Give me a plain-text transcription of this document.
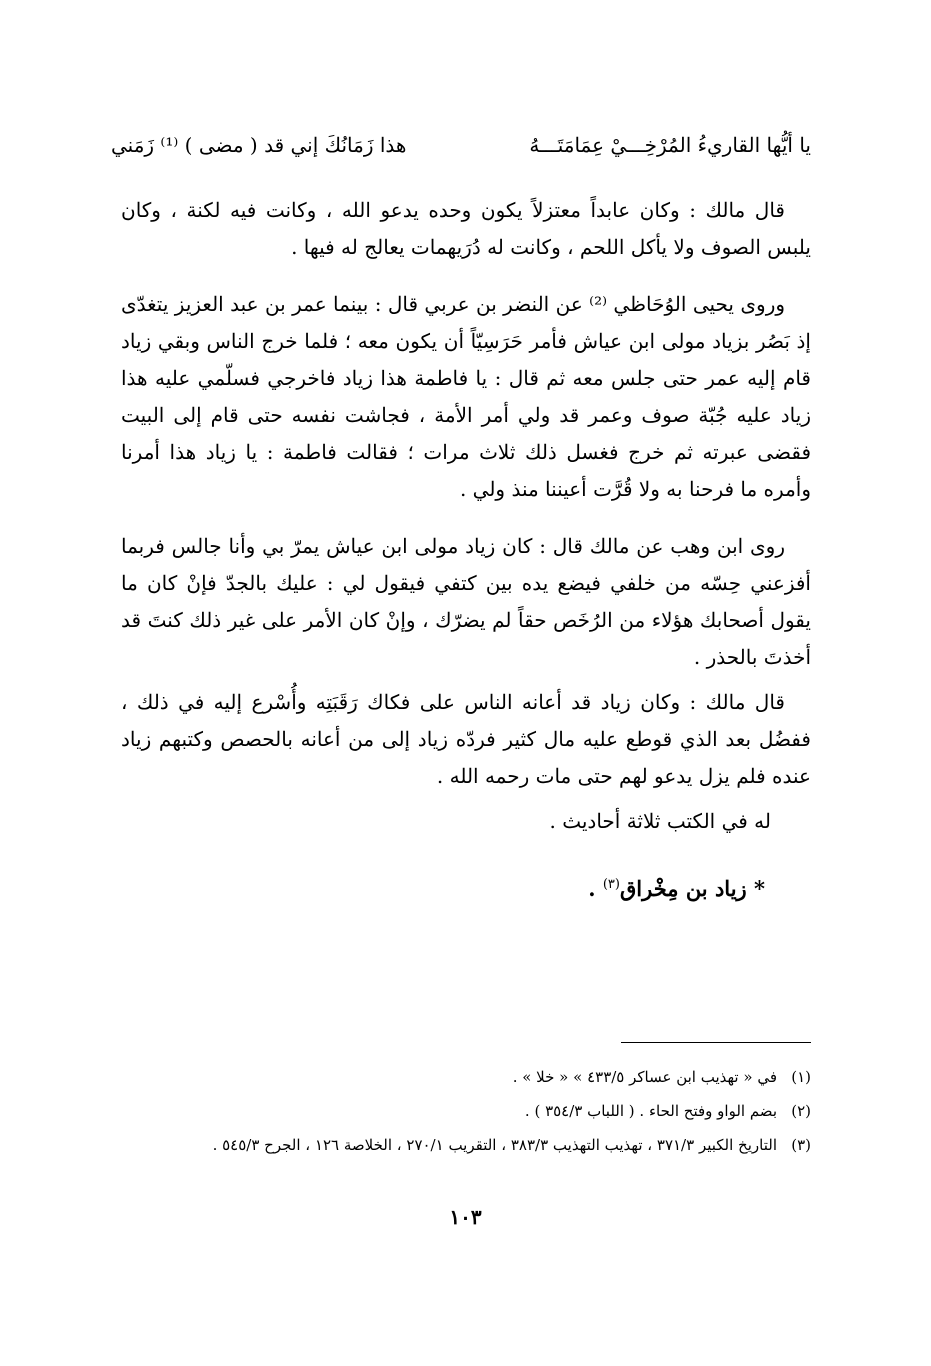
يا أيُّها القاريءُ المُرْخِـــيْ عِمَامَتَـــهُ
هذا زَمَانُكَ إني قد ( مضى ) ⁽¹⁾ زَمَني

قال مالك : وكان عابداً معتزلاً يكون وحده يدعو الله ، وكانت فيه لكنة ، وكان يلبس الصوف ولا يأكل اللحم ، وكانت له دُرَيهمات يعالج له فيها .

وروى يحيى الوُحَاظي ⁽²⁾ عن النضر بن عربي قال : بينما عمر بن عبد العزيز يتغدّى إذ بَصُر بزياد مولى ابن عياش فأمر حَرَسِيّاً أن يكون معه ؛ فلما خرج الناس وبقي زياد قام إليه عمر حتى جلس معه ثم قال : يا فاطمة هذا زياد فاخرجي فسلّمي عليه هذا زياد عليه جُبّة صوف وعمر قد ولي أمر الأمة ، فجاشت نفسه حتى قام إلى البيت فقضى عبرته ثم خرج فغسل ذلك ثلاث مرات ؛ فقالت فاطمة : يا زياد هذا أمرنا وأمره ما فرحنا به ولا قُرَّت أعيننا منذ ولي .

روى ابن وهب عن مالك قال : كان زياد مولى ابن عياش يمرّ بي وأنا جالس فربما أفزعني حِسّه من خلفي فيضع يده بين كتفي فيقول لي : عليك بالجدّ فإنْ كان ما يقول أصحابك هؤلاء من الرُخَص حقاً لم يضرّك ، وإنْ كان الأمر على غير ذلك كنتَ قد أخذتَ بالحذر .

قال مالك : وكان زياد قد أعانه الناس على فكاك رَقَبَتِه وأُسْرع إليه في ذلك ، ففضُل بعد الذي قوطع عليه مال كثير فردّه زياد إلى من أعانه بالحصص وكتبهم زياد عنده فلم يزل يدعو لهم حتى مات رحمه الله .

له في الكتب ثلاثة أحاديث .

* زياد بن مِخْراق$^{(٣)}$ .
(١)
في « تهذيب ابن عساكر ٤٣٣/٥ » « خلا » .
(٢)
بضم الواو وفتح الحاء . ( اللباب ٣٥٤/٣ ) .
(٣)
التاريخ الكبير ٣٧١/٣ ، تهذيب التهذيب ٣٨٣/٣ ، التقريب ٢٧٠/١ ، الخلاصة ١٢٦ ، الجرح ٥٤٥/٣ .
١٠٣
